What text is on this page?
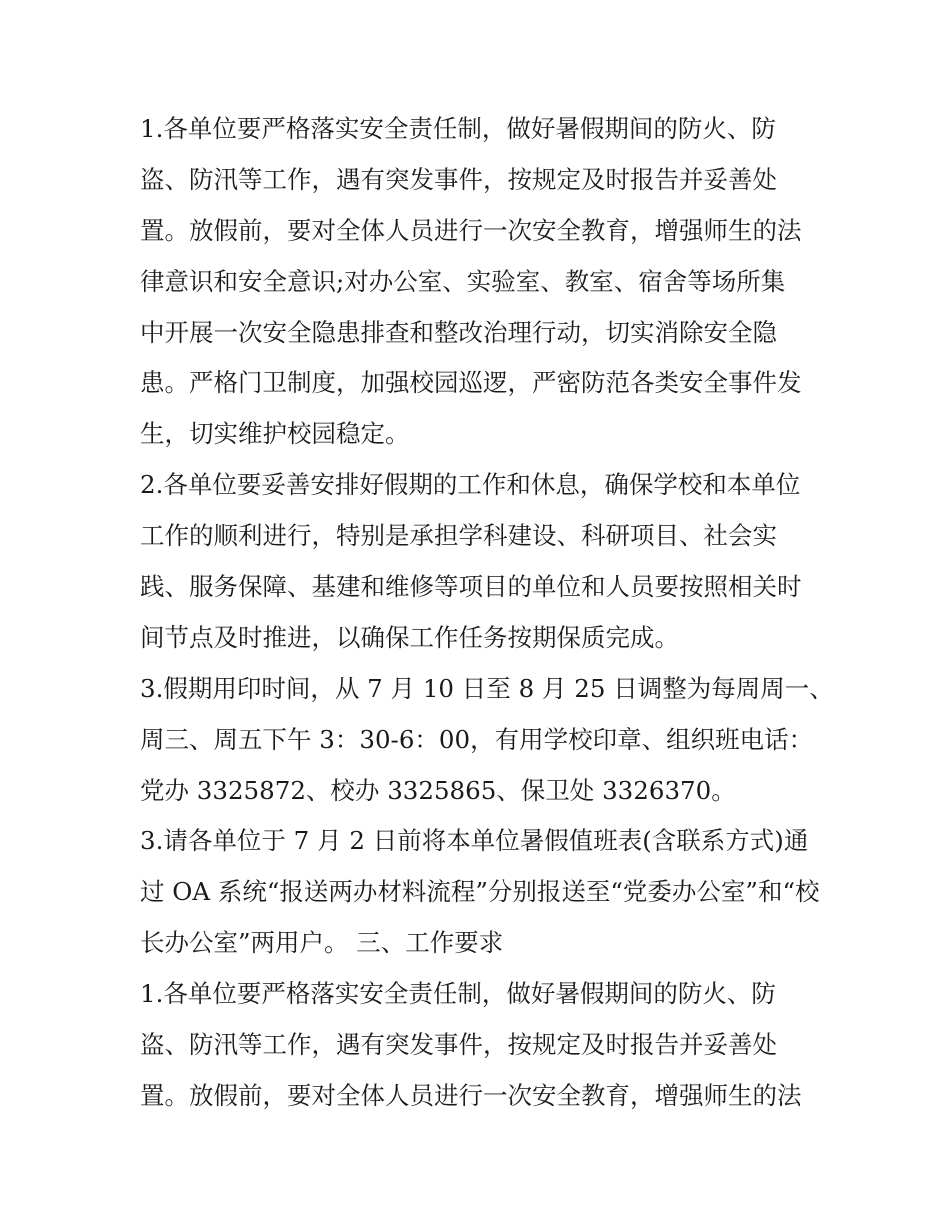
1.各单位要严格落实安全责任制，做好暑假期间的防火、防
盗、防汛等工作，遇有突发事件，按规定及时报告并妥善处
置。放假前，要对全体人员进行一次安全教育，增强师生的法
律意识和安全意识;对办公室、实验室、教室、宿舍等场所集
中开展一次安全隐患排查和整改治理行动，切实消除安全隐
患。严格门卫制度，加强校园巡逻，严密防范各类安全事件发
生，切实维护校园稳定。
2.各单位要妥善安排好假期的工作和休息，确保学校和本单位
工作的顺利进行，特别是承担学科建设、科研项目、社会实
践、服务保障、基建和维修等项目的单位和人员要按照相关时
间节点及时推进，以确保工作任务按期保质完成。
3.假期用印时间，从 7 月 10 日至 8 月 25 日调整为每周周一、
周三、周五下午 3：30-6：00，有用学校印章、组织班电话：
党办 3325872、校办 3325865、保卫处 3326370。
3.请各单位于 7 月 2 日前将本单位暑假值班表(含联系方式)通
过 OA 系统“报送两办材料流程”分别报送至“党委办公室”和“校
长办公室”两用户。 三、工作要求
1.各单位要严格落实安全责任制，做好暑假期间的防火、防
盗、防汛等工作，遇有突发事件，按规定及时报告并妥善处
置。放假前，要对全体人员进行一次安全教育，增强师生的法
